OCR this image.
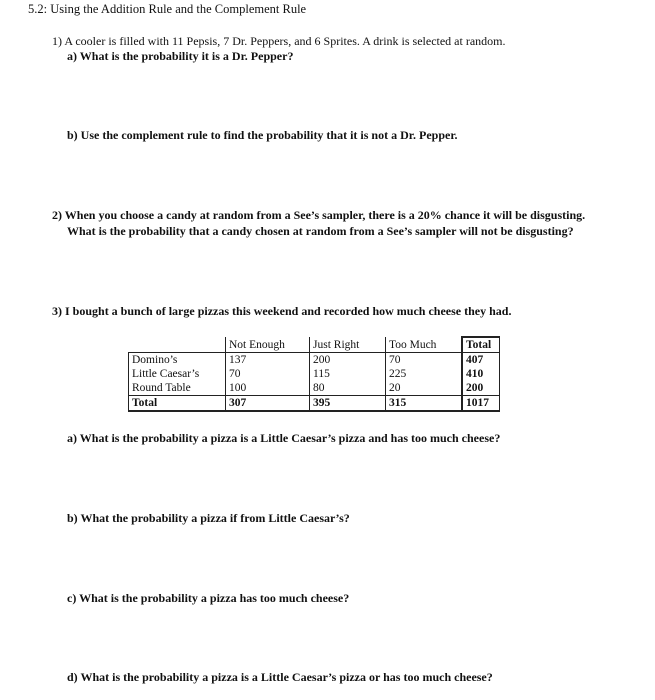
5.2: Using the Addition Rule and the Complement Rule
1) A cooler is filled with 11 Pepsis, 7 Dr. Peppers, and 6 Sprites. A drink is selected at random.
a) What is the probability it is a Dr. Pepper?
b) Use the complement rule to find the probability that it is not a Dr. Pepper.
2) When you choose a candy at random from a See’s sampler, there is a 20% chance it will be disgusting.
What is the probability that a candy chosen at random from a See’s sampler will not be disgusting?
3) I bought a bunch of large pizzas this weekend and recorded how much cheese they had.
	Not Enough	Just Right	Too Much	Total
Domino’s	137	200	70	407
Little Caesar’s	70	115	225	410
Round Table	100	80	20	200
Total	307	395	315	1017
a) What is the probability a pizza is a Little Caesar’s pizza and has too much cheese?
b) What the probability a pizza if from Little Caesar’s?
c) What is the probability a pizza has too much cheese?
d) What is the probability a pizza is a Little Caesar’s pizza or has too much cheese?
